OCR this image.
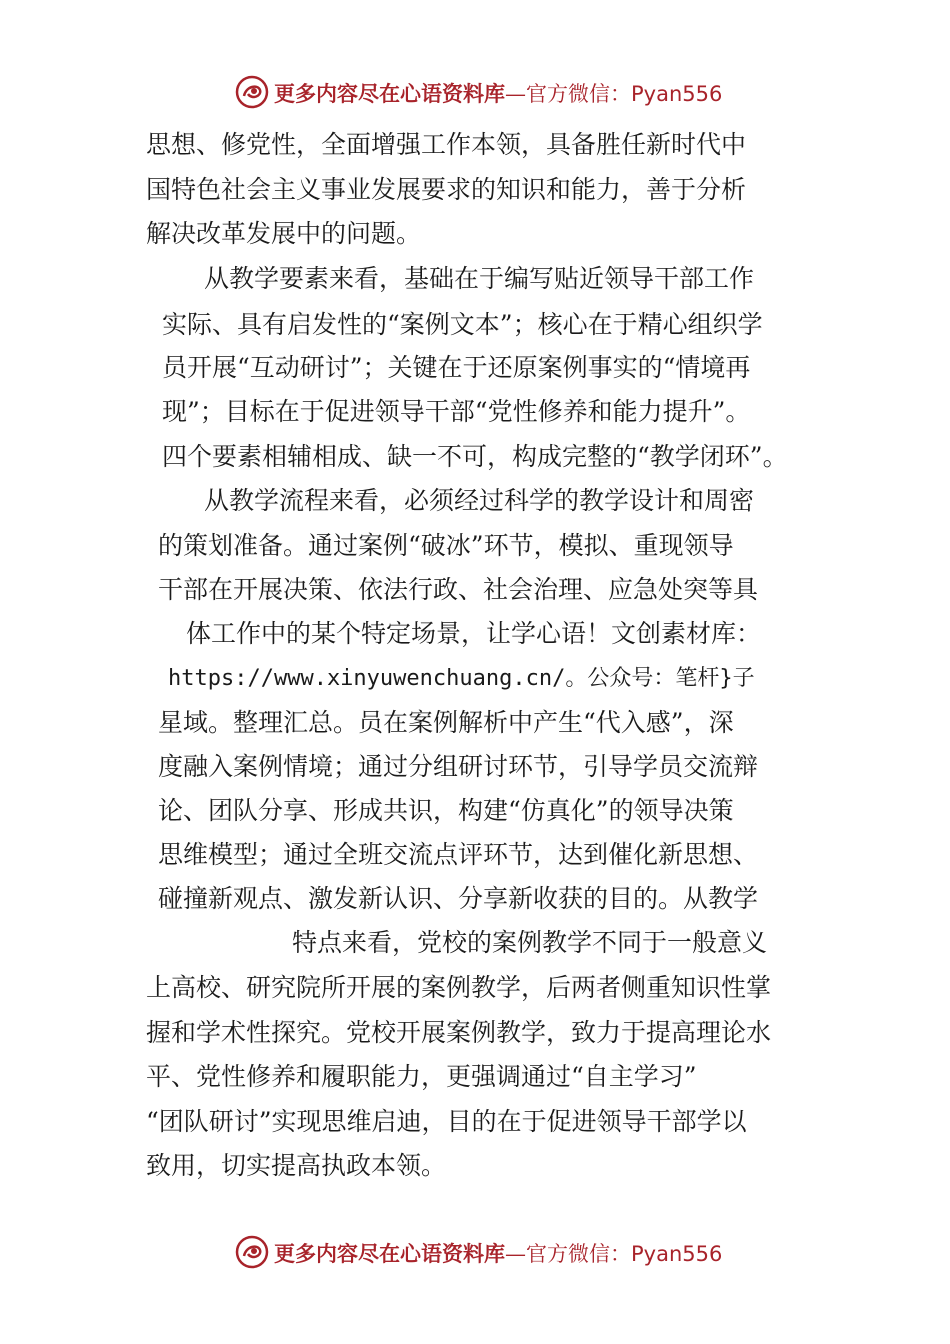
更多内容尽在心语资料库—官方微信：Pyan556
思想、修党性，全面增强工作本领，具备胜任新时代中
国特色社会主义事业发展要求的知识和能力，善于分析
解决改革发展中的问题。
从教学要素来看，基础在于编写贴近领导干部工作
实际、具有启发性的“案例文本”；核心在于精心组织学
员开展“互动研讨”；关键在于还原案例事实的“情境再
现”；目标在于促进领导干部“党性修养和能力提升”。
四个要素相辅相成、缺一不可，构成完整的“教学闭环”。
从教学流程来看，必须经过科学的教学设计和周密
的策划准备。通过案例“破冰”环节，模拟、重现领导
干部在开展决策、依法行政、社会治理、应急处突等具
体工作中的某个特定场景，让学心语！文创素材库：
https://www.xinyuwenchuang.cn/。公众号：笔杆}子
星域。整理汇总。员在案例解析中产生“代入感”，深
度融入案例情境；通过分组研讨环节，引导学员交流辩
论、团队分享、形成共识，构建“仿真化”的领导决策
思维模型；通过全班交流点评环节，达到催化新思想、
碰撞新观点、激发新认识、分享新收获的目的。从教学
特点来看，党校的案例教学不同于一般意义
上高校、研究院所开展的案例教学，后两者侧重知识性掌
握和学术性探究。党校开展案例教学，致力于提高理论水
平、党性修养和履职能力，更强调通过“自主学习”
“团队研讨”实现思维启迪，目的在于促进领导干部学以
致用，切实提高执政本领。
更多内容尽在心语资料库—官方微信：Pyan556
